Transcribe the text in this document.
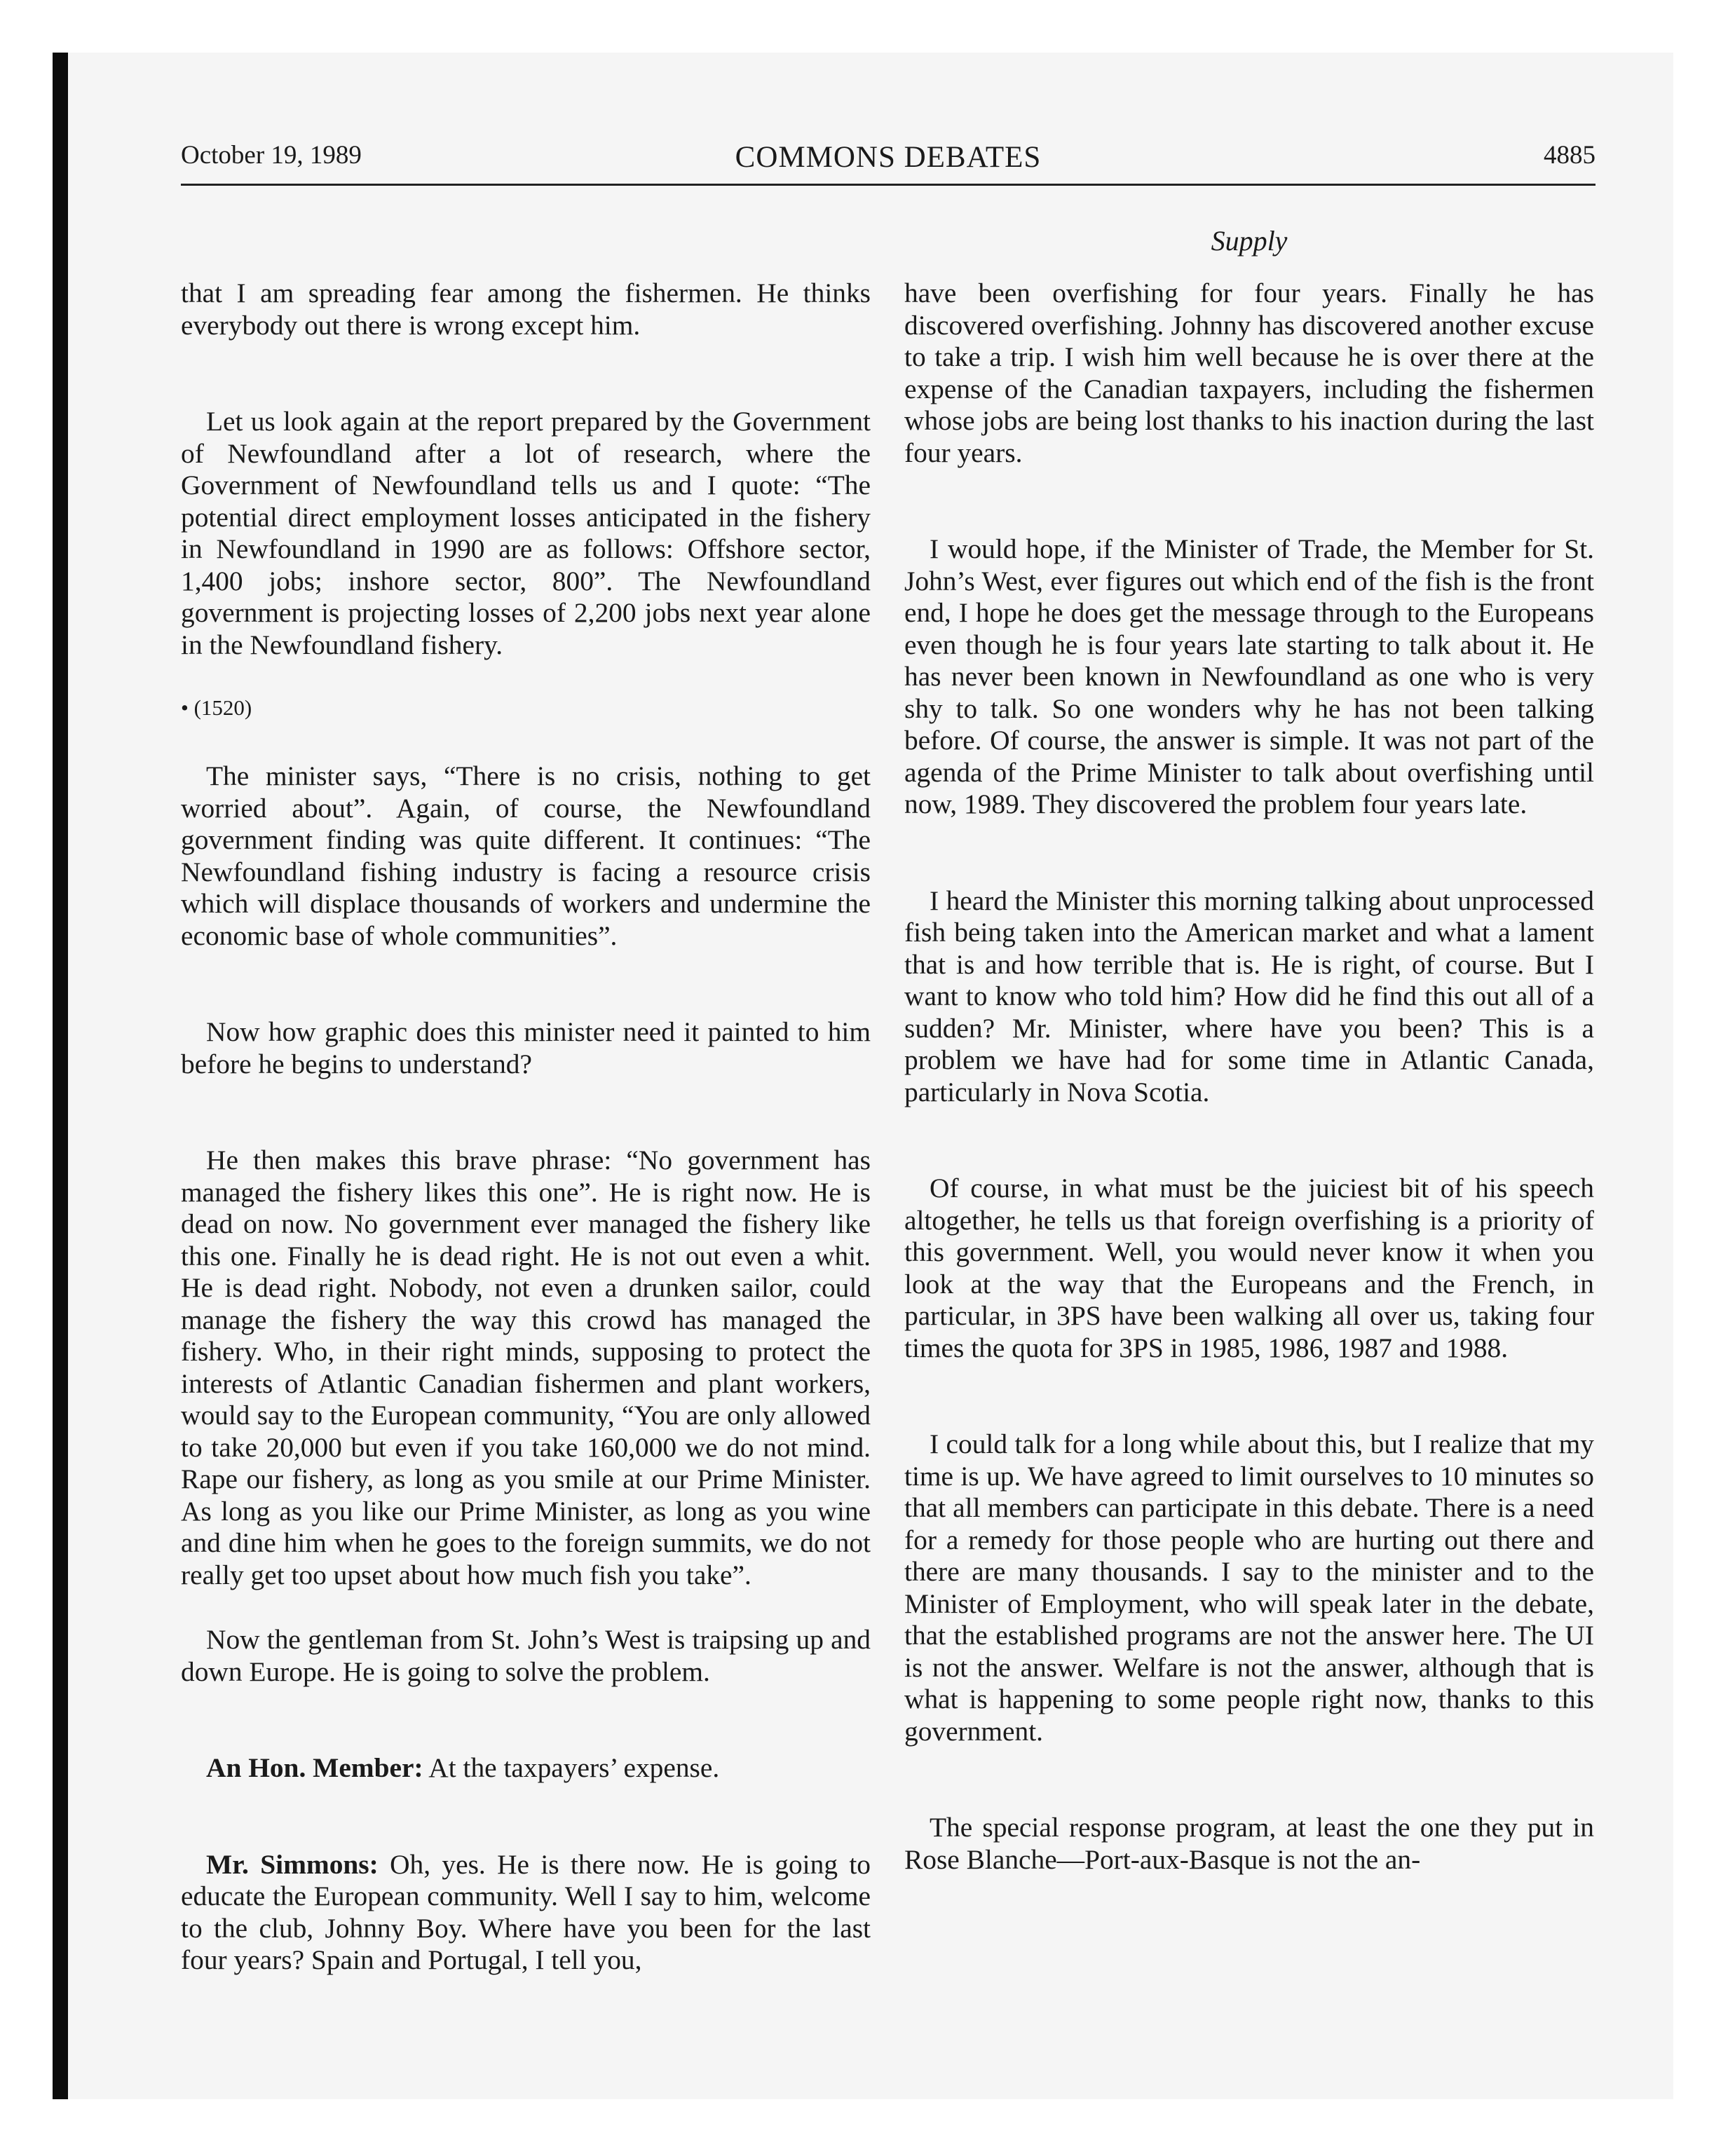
October 19, 1989	COMMONS DEBATES	4885
Supply

that I am spreading fear among the fishermen. He thinks everybody out there is wrong except him.

Let us look again at the report prepared by the Government of Newfoundland after a lot of research, where the Government of Newfoundland tells us and I quote: “The potential direct employment losses anticipated in the fishery in Newfoundland in 1990 are as follows: Offshore sector, 1,400 jobs; inshore sector, 800”. The Newfoundland government is projecting losses of 2,200 jobs next year alone in the Newfoundland fishery.

• (1520)

The minister says, “There is no crisis, nothing to get worried about”. Again, of course, the Newfoundland government finding was quite different. It continues: “The Newfoundland fishing industry is facing a resource crisis which will displace thousands of workers and undermine the economic base of whole communities”.

Now how graphic does this minister need it painted to him before he begins to understand?

He then makes this brave phrase: “No government has managed the fishery likes this one”. He is right now. He is dead on now. No government ever managed the fishery like this one. Finally he is dead right. He is not out even a whit. He is dead right. Nobody, not even a drunken sailor, could manage the fishery the way this crowd has managed the fishery. Who, in their right minds, supposing to protect the interests of Atlantic Canadian fishermen and plant workers, would say to the European community, “You are only allowed to take 20,000 but even if you take 160,000 we do not mind. Rape our fishery, as long as you smile at our Prime Minister. As long as you like our Prime Minister, as long as you wine and dine him when he goes to the foreign summits, we do not really get too upset about how much fish you take”.

Now the gentleman from St. John’s West is traipsing up and down Europe. He is going to solve the problem.

An Hon. Member: At the taxpayers’ expense.

Mr. Simmons: Oh, yes. He is there now. He is going to educate the European community. Well I say to him, welcome to the club, Johnny Boy. Where have you been for the last four years? Spain and Portugal, I tell you,

have been overfishing for four years. Finally he has discovered overfishing. Johnny has discovered another excuse to take a trip. I wish him well because he is over there at the expense of the Canadian taxpayers, including the fishermen whose jobs are being lost thanks to his inaction during the last four years.

I would hope, if the Minister of Trade, the Member for St. John’s West, ever figures out which end of the fish is the front end, I hope he does get the message through to the Europeans even though he is four years late starting to talk about it. He has never been known in Newfoundland as one who is very shy to talk. So one wonders why he has not been talking before. Of course, the answer is simple. It was not part of the agenda of the Prime Minister to talk about overfishing until now, 1989. They discovered the problem four years late.

I heard the Minister this morning talking about unprocessed fish being taken into the American market and what a lament that is and how terrible that is. He is right, of course. But I want to know who told him? How did he find this out all of a sudden? Mr. Minister, where have you been? This is a problem we have had for some time in Atlantic Canada, particularly in Nova Scotia.

Of course, in what must be the juiciest bit of his speech altogether, he tells us that foreign overfishing is a priority of this government. Well, you would never know it when you look at the way that the Europeans and the French, in particular, in 3PS have been walking all over us, taking four times the quota for 3PS in 1985, 1986, 1987 and 1988.

I could talk for a long while about this, but I realize that my time is up. We have agreed to limit ourselves to 10 minutes so that all members can participate in this debate. There is a need for a remedy for those people who are hurting out there and there are many thousands. I say to the minister and to the Minister of Employment, who will speak later in the debate, that the established programs are not the answer here. The UI is not the answer. Welfare is not the answer, although that is what is happening to some people right now, thanks to this government.

The special response program, at least the one they put in Rose Blanche—Port-aux-Basque is not the an-
